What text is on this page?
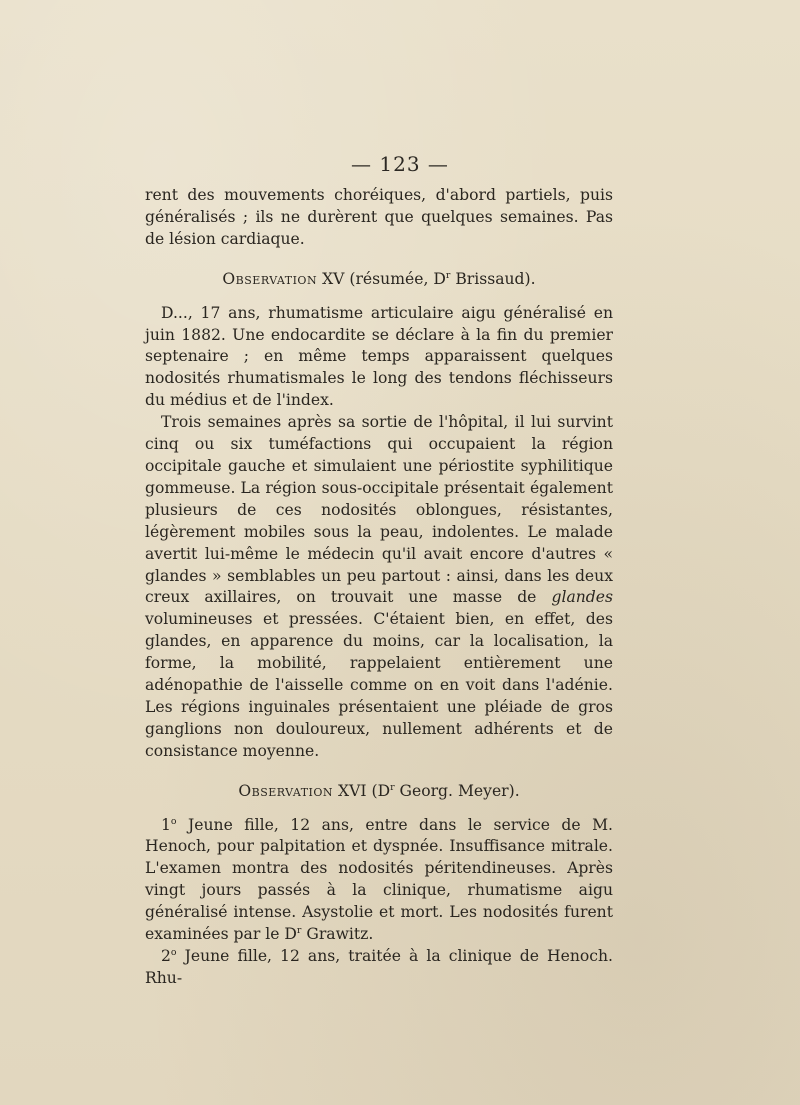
— 123 —

rent des mouvements choréiques, d'abord partiels, puis généralisés ; ils ne durèrent que quelques semaines. Pas de lésion cardiaque.

Observation XV (résumée, $D^r$ Brissaud).

D..., 17 ans, rhumatisme articulaire aigu généralisé en juin 1882. Une endocardite se déclare à la fin du premier septenaire ; en même temps apparaissent quelques nodosités rhumatismales le long des tendons fléchisseurs du médius et de l'index.

Trois semaines après sa sortie de l'hôpital, il lui survint cinq ou six tuméfactions qui occupaient la région occipitale gauche et simulaient une périostite syphilitique gommeuse. La région sous-occipitale présentait également plusieurs de ces nodosités oblongues, résistantes, légèrement mobiles sous la peau, indolentes. Le malade avertit lui-même le médecin qu'il avait encore d'autres « glandes » semblables un peu partout : ainsi, dans les deux creux axillaires, on trouvait une masse de glandes volumineuses et pressées. C'étaient bien, en effet, des glandes, en apparence du moins, car la localisation, la forme, la mobilité, rappelaient entièrement une adénopathie de l'aisselle comme on en voit dans l'adénie. Les régions inguinales présentaient une pléiade de gros ganglions non douloureux, nullement adhérents et de consistance moyenne.

Observation XVI ($D^r$ Georg. Meyer).

1$^o$ Jeune fille, 12 ans, entre dans le service de M. Henoch, pour palpitation et dyspnée. Insuffisance mitrale. L'examen montra des nodosités péritendineuses. Après vingt jours passés à la clinique, rhumatisme aigu généralisé intense. Asystolie et mort. Les nodosités furent examinées par le $D^r$ Grawitz.

2$^o$ Jeune fille, 12 ans, traitée à la clinique de Henoch. Rhu-
